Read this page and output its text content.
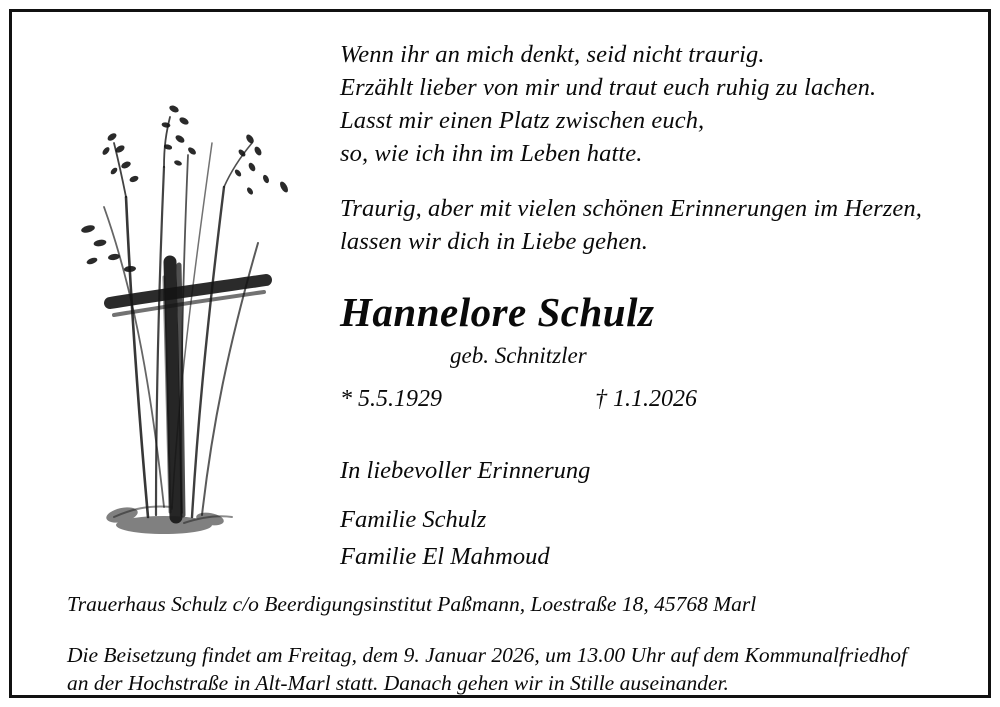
Wenn ihr an mich denkt, seid nicht traurig.
Erzählt lieber von mir und traut euch ruhig zu lachen.
Lasst mir einen Platz zwischen euch,
so, wie ich ihn im Leben hatte.
Traurig, aber mit vielen schönen Erinnerungen im Herzen,
lassen wir dich in Liebe gehen.
Hannelore Schulz
geb. Schnitzler
* 5.5.1929	† 1.1.2026
In liebevoller Erinnerung
Familie Schulz
Familie El Mahmoud
Trauerhaus Schulz c/o Beerdigungsinstitut Paßmann, Loestraße 18, 45768 Marl
Die Beisetzung findet am Freitag, dem 9. Januar 2026, um 13.00 Uhr auf dem Kommunalfriedhof
an der Hochstraße in Alt-Marl statt. Danach gehen wir in Stille auseinander.
